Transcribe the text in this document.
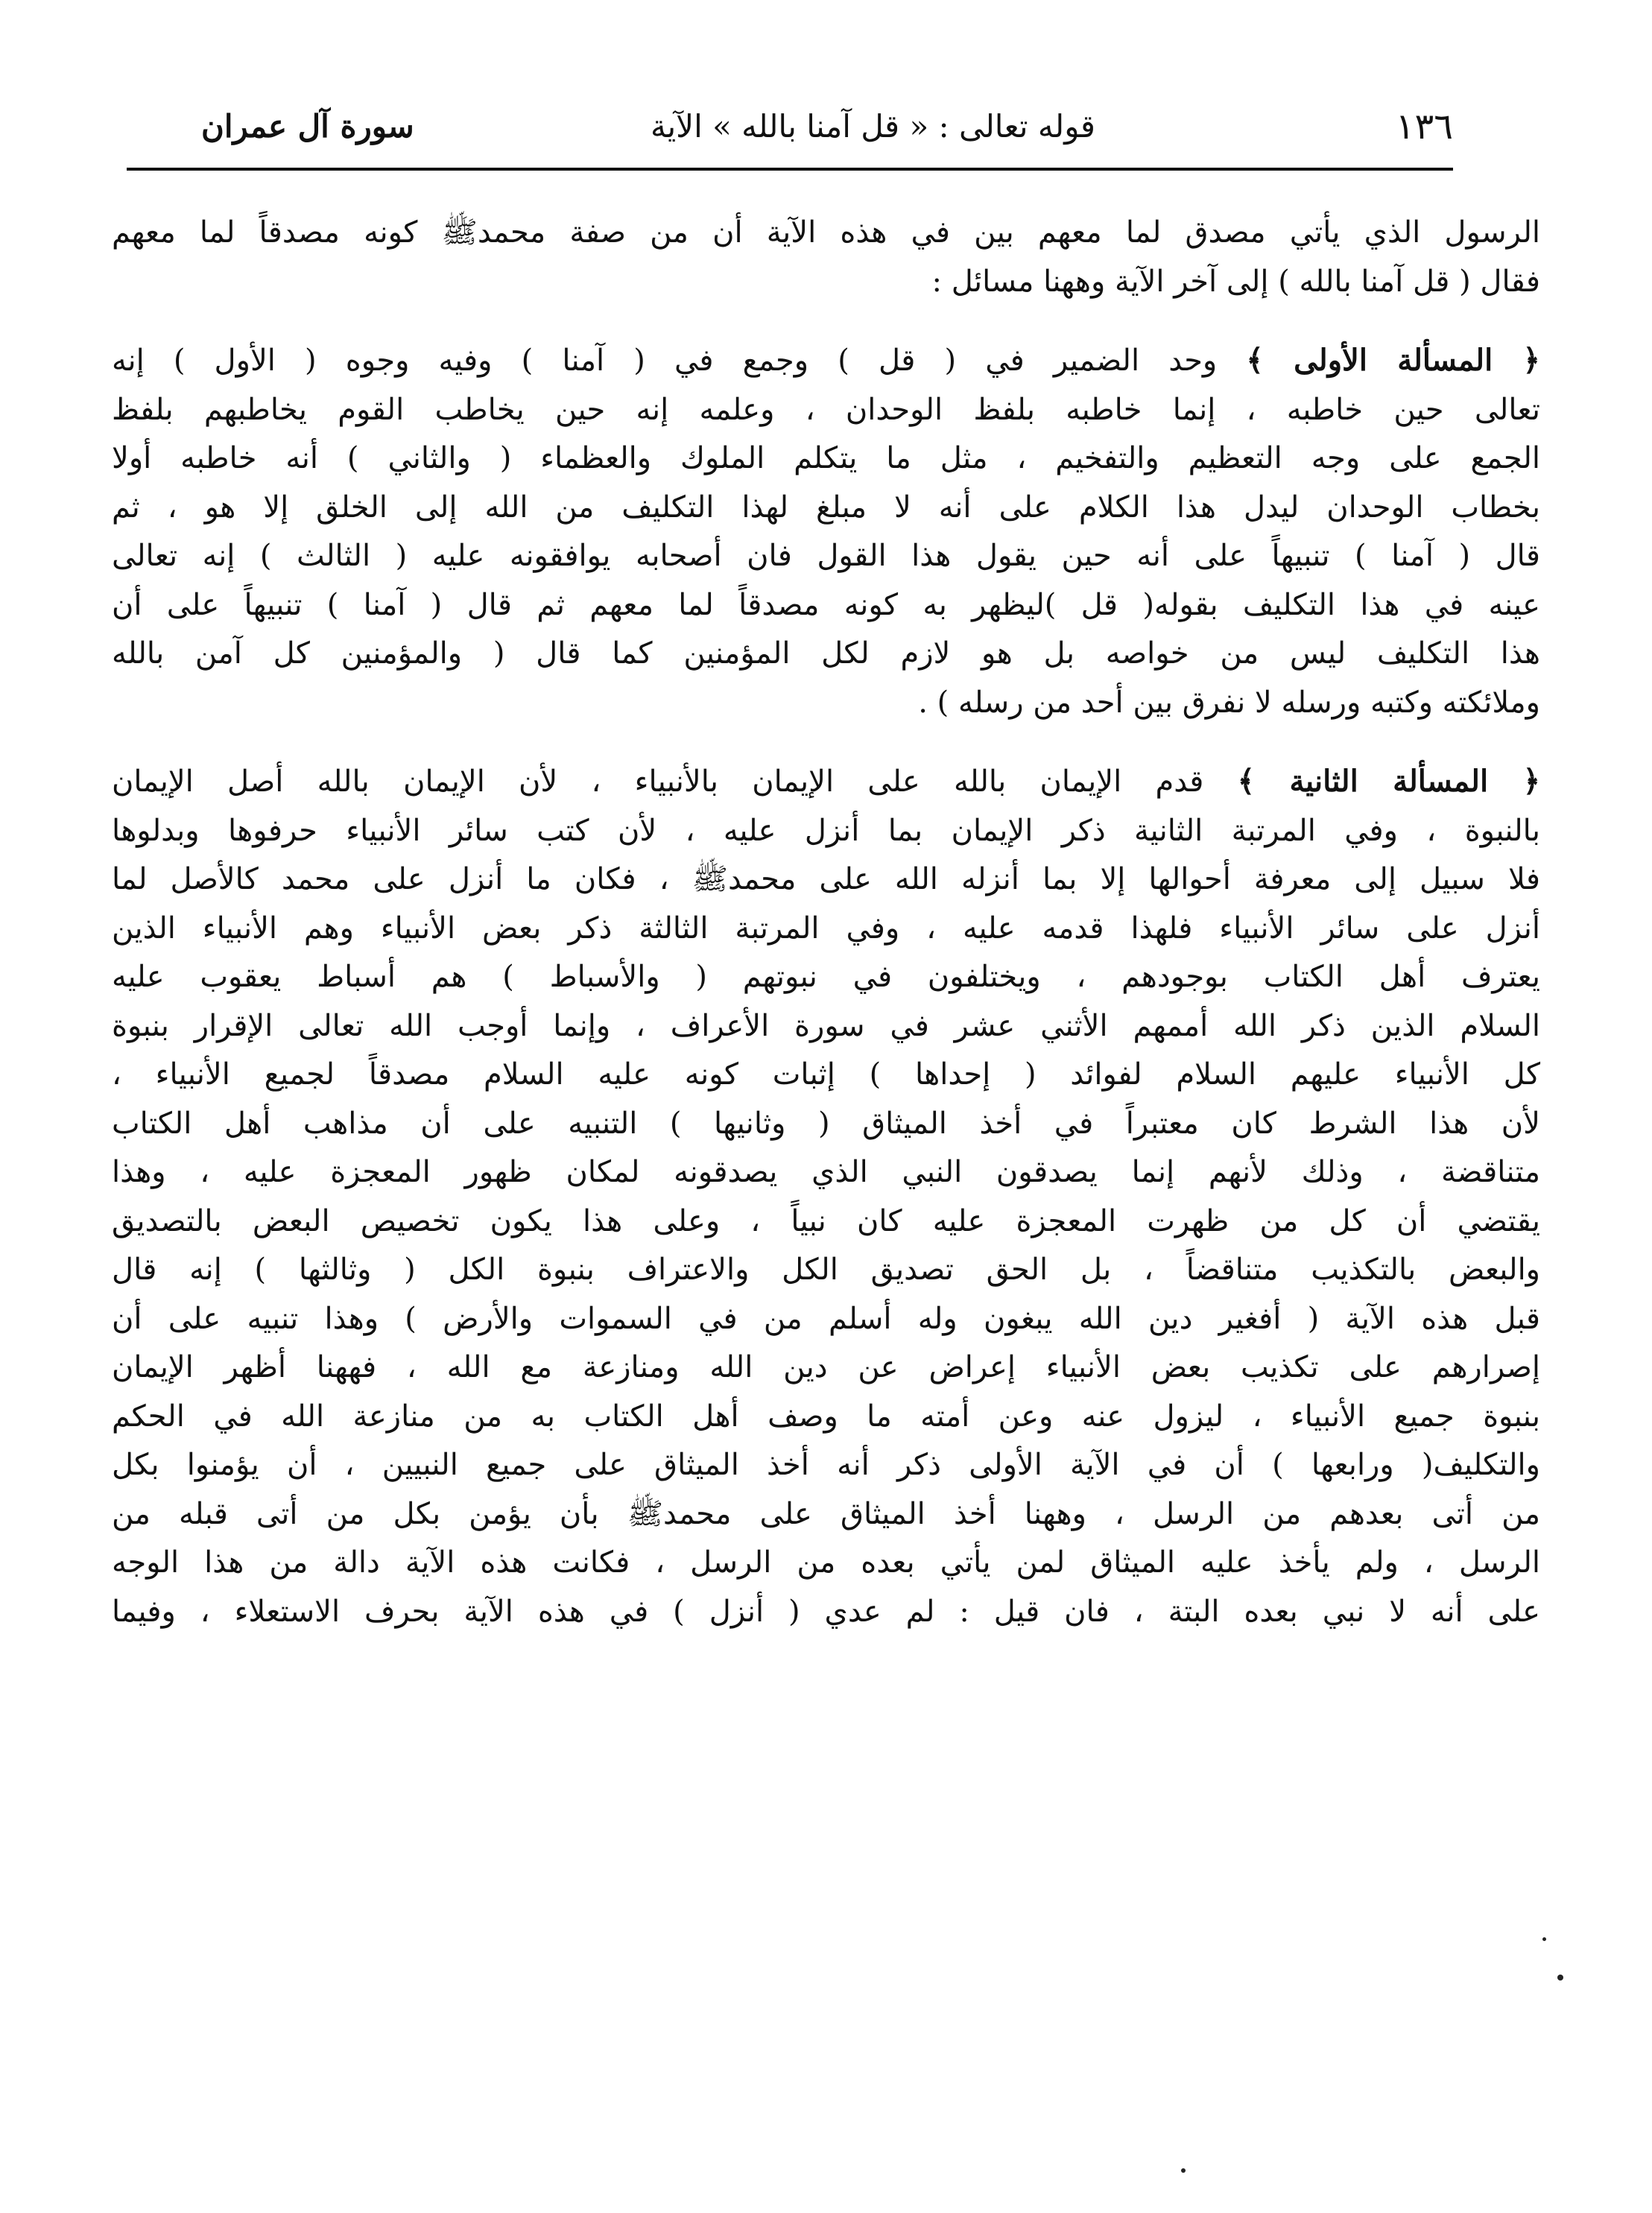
١٣٦
قوله تعالى : « قل آمنا بالله » الآية
سورة آل عمران

الرسول الذي يأتي مصدق لما معهم بين في هذه الآية أن من صفة محمدﷺ كونه مصدقاً لما معهم
فقال ( قل آمنا بالله ) إلى آخر الآية وههنا مسائل :

﴿ المسألة الأولى ﴾ وحد الضمير في ( قل ) وجمع في ( آمنا ) وفيه وجوه ( الأول ) إنه
تعالى حين خاطبه ، إنما خاطبه بلفظ الوحدان ، وعلمه إنه حين يخاطب القوم يخاطبهم بلفظ
الجمع على وجه التعظيم والتفخيم ، مثل ما يتكلم الملوك والعظماء ( والثاني ) أنه خاطبه أولا
بخطاب الوحدان ليدل هذا الكلام على أنه لا مبلغ لهذا التكليف من الله إلى الخلق إلا هو ، ثم
قال ( آمنا ) تنبيهاً على أنه حين يقول هذا القول فان أصحابه يوافقونه عليه ( الثالث ) إنه تعالى
عينه في هذا التكليف بقوله( قل )ليظهر به كونه مصدقاً لما معهم ثم قال ( آمنا ) تنبيهاً على أن
هذا التكليف ليس من خواصه بل هو لازم لكل المؤمنين كما قال ( والمؤمنين كل آمن بالله
وملائكته وكتبه ورسله لا نفرق بين أحد من رسله ) .

﴿ المسألة الثانية ﴾ قدم الإيمان بالله على الإيمان بالأنبياء ، لأن الإيمان بالله أصل الإيمان
بالنبوة ، وفي المرتبة الثانية ذكر الإيمان بما أنزل عليه ، لأن كتب سائر الأنبياء حرفوها وبدلوها
فلا سبيل إلى معرفة أحوالها إلا بما أنزله الله على محمدﷺ ، فكان ما أنزل على محمد كالأصل لما
أنزل على سائر الأنبياء فلهذا قدمه عليه ، وفي المرتبة الثالثة ذكر بعض الأنبياء وهم الأنبياء الذين
يعترف أهل الكتاب بوجودهم ، ويختلفون في نبوتهم ( والأسباط ) هم أسباط يعقوب عليه
السلام الذين ذكر الله أممهم الأثني عشر في سورة الأعراف ، وإنما أوجب الله تعالى الإقرار بنبوة
كل الأنبياء عليهم السلام لفوائد ( إحداها ) إثبات كونه عليه السلام مصدقاً لجميع الأنبياء ،
لأن هذا الشرط كان معتبراً في أخذ الميثاق ( وثانيها ) التنبيه على أن مذاهب أهل الكتاب
متناقضة ، وذلك لأنهم إنما يصدقون النبي الذي يصدقونه لمكان ظهور المعجزة عليه ، وهذا
يقتضي أن كل من ظهرت المعجزة عليه كان نبياً ، وعلى هذا يكون تخصيص البعض بالتصديق
والبعض بالتكذيب متناقضاً ، بل الحق تصديق الكل والاعتراف بنبوة الكل ( وثالثها ) إنه قال
قبل هذه الآية ( أفغير دين الله يبغون وله أسلم من في السموات والأرض ) وهذا تنبيه على أن
إصرارهم على تكذيب بعض الأنبياء إعراض عن دين الله ومنازعة مع الله ، فههنا أظهر الإيمان
بنبوة جميع الأنبياء ، ليزول عنه وعن أمته ما وصف أهل الكتاب به من منازعة الله في الحكم
والتكليف( ورابعها ) أن في الآية الأولى ذكر أنه أخذ الميثاق على جميع النبيين ، أن يؤمنوا بكل
من أتى بعدهم من الرسل ، وههنا أخذ الميثاق على محمدﷺ بأن يؤمن بكل من أتى قبله من
الرسل ، ولم يأخذ عليه الميثاق لمن يأتي بعده من الرسل ، فكانت هذه الآية دالة من هذا الوجه
على أنه لا نبي بعده البتة ، فان قيل : لم عدي ( أنزل ) في هذه الآية بحرف الاستعلاء ، وفيما
